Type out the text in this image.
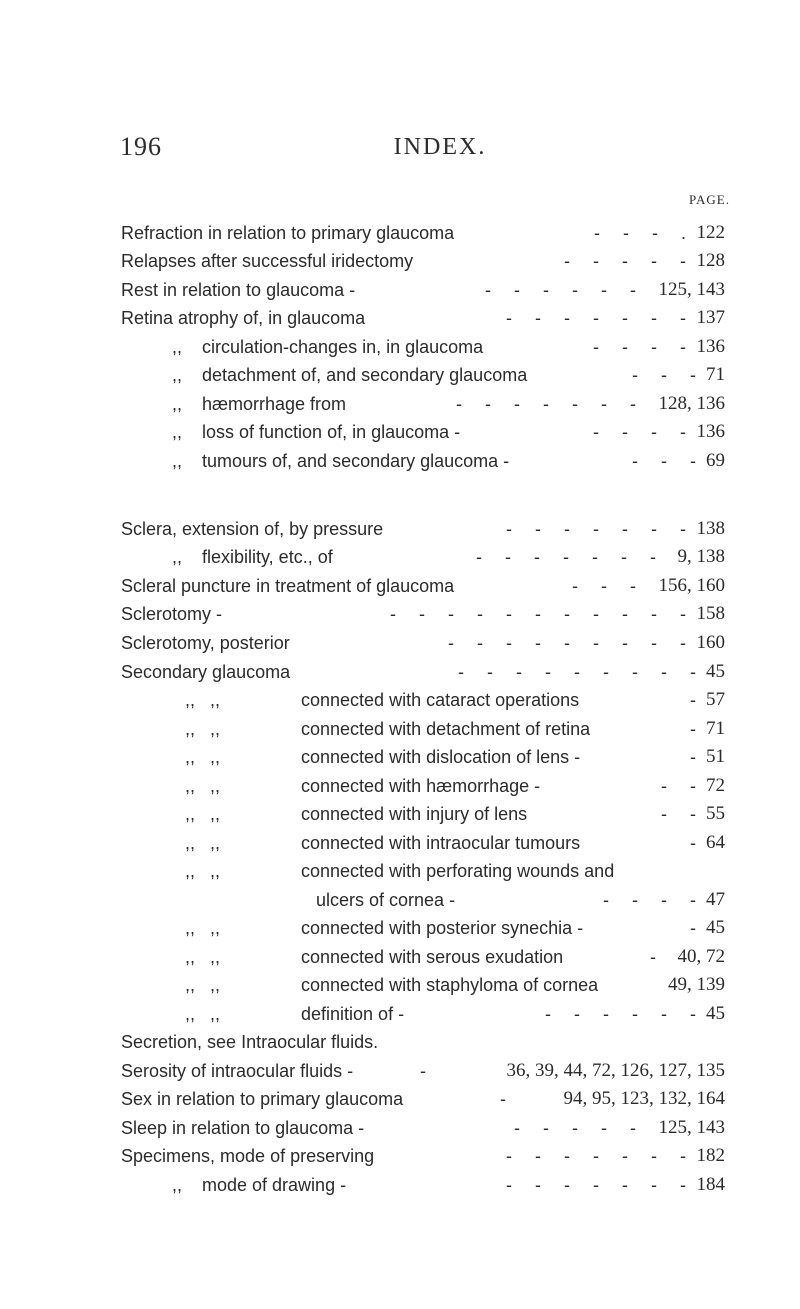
196	INDEX.
PAGE.
Refraction in relation to primary glaucoma	- - - . 122
Relapses after successful iridectomy	- - - - - 128
Rest in relation to glaucoma -	- - - - - - 125, 143
Retina atrophy of, in glaucoma	- - - - - - - 137
,, circulation-changes in, in glaucoma	- - - - 136
,, detachment of, and secondary glaucoma	- - - 71
,, hæmorrhage from	- - - - - - - 128, 136
,, loss of function of, in glaucoma -	- - - - 136
,, tumours of, and secondary glaucoma -	- - - 69
Sclera, extension of, by pressure	- - - - - - - 138
,, flexibility, etc., of	- - - - - - - 9, 138
Scleral puncture in treatment of glaucoma	- - - 156, 160
Sclerotomy -	- - - - - - - - - - - 158
Sclerotomy, posterior	- - - - - - - - - 160
Secondary glaucoma	- - - - - - - - - 45
,,   ,,	connected with cataract operations	- 57
,,   ,,	connected with detachment of retina	- 71
,,   ,,	connected with dislocation of lens -	- 51
,,   ,,	connected with hæmorrhage -	- - 72
,,   ,,	connected with injury of lens	- - 55
,,   ,,	connected with intraocular tumours	- 64
,,   ,,	connected with perforating wounds and
ulcers of cornea -	- - - - 47
,,   ,,	connected with posterior synechia -	- 45
,,   ,,	connected with serous exudation	- 40, 72
,,   ,,	connected with staphyloma of cornea	49, 139
,,   ,,	definition of -	- - - - - - 45
Secretion, see Intraocular fluids.
Serosity of intraocular fluids -	-	36, 39, 44, 72, 126, 127, 135
Sex in relation to primary glaucoma	-	94, 95, 123, 132, 164
Sleep in relation to glaucoma -	- - - - - 125, 143
Specimens, mode of preserving	- - - - - - - 182
,, mode of drawing -	- - - - - - - 184
